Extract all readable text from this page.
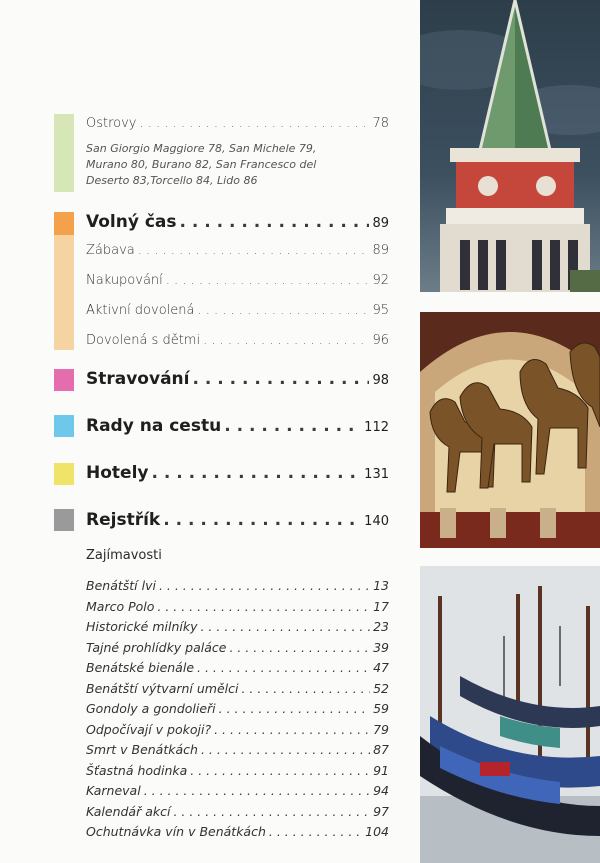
Ostrovy . . .	78
San Giorgio Maggiore 78, San Michele 79, Murano 80, Burano 82, San Francesco del Deserto 83,Torcello 84, Lido 86
Volný čas . . .	89
Zábava . . .	89
Nakupování . . .	92
Aktivní dovolená . . .	95
Dovolená s dětmi . . .	96
Stravování . . .	98
Rady na cestu . . .	112
Hotely . . .	131
Rejstřík . . .	140
Zajímavosti
Benátští lvi . . .	13
Marco Polo . . .	17
Historické milníky . . .	23
Tajné prohlídky paláce . . .	39
Benátské bienále . . .	47
Benátští výtvarní umělci . . .	52
Gondoly a gondolieři . . .	59
Odpočívají v pokoji? . . .	79
Smrt v Benátkách . . .	87
Šťastná hodinka . . .	91
Karneval . . .	94
Kalendář akcí . . .	97
Ochutnávka vín v Benátkách . . .	104
